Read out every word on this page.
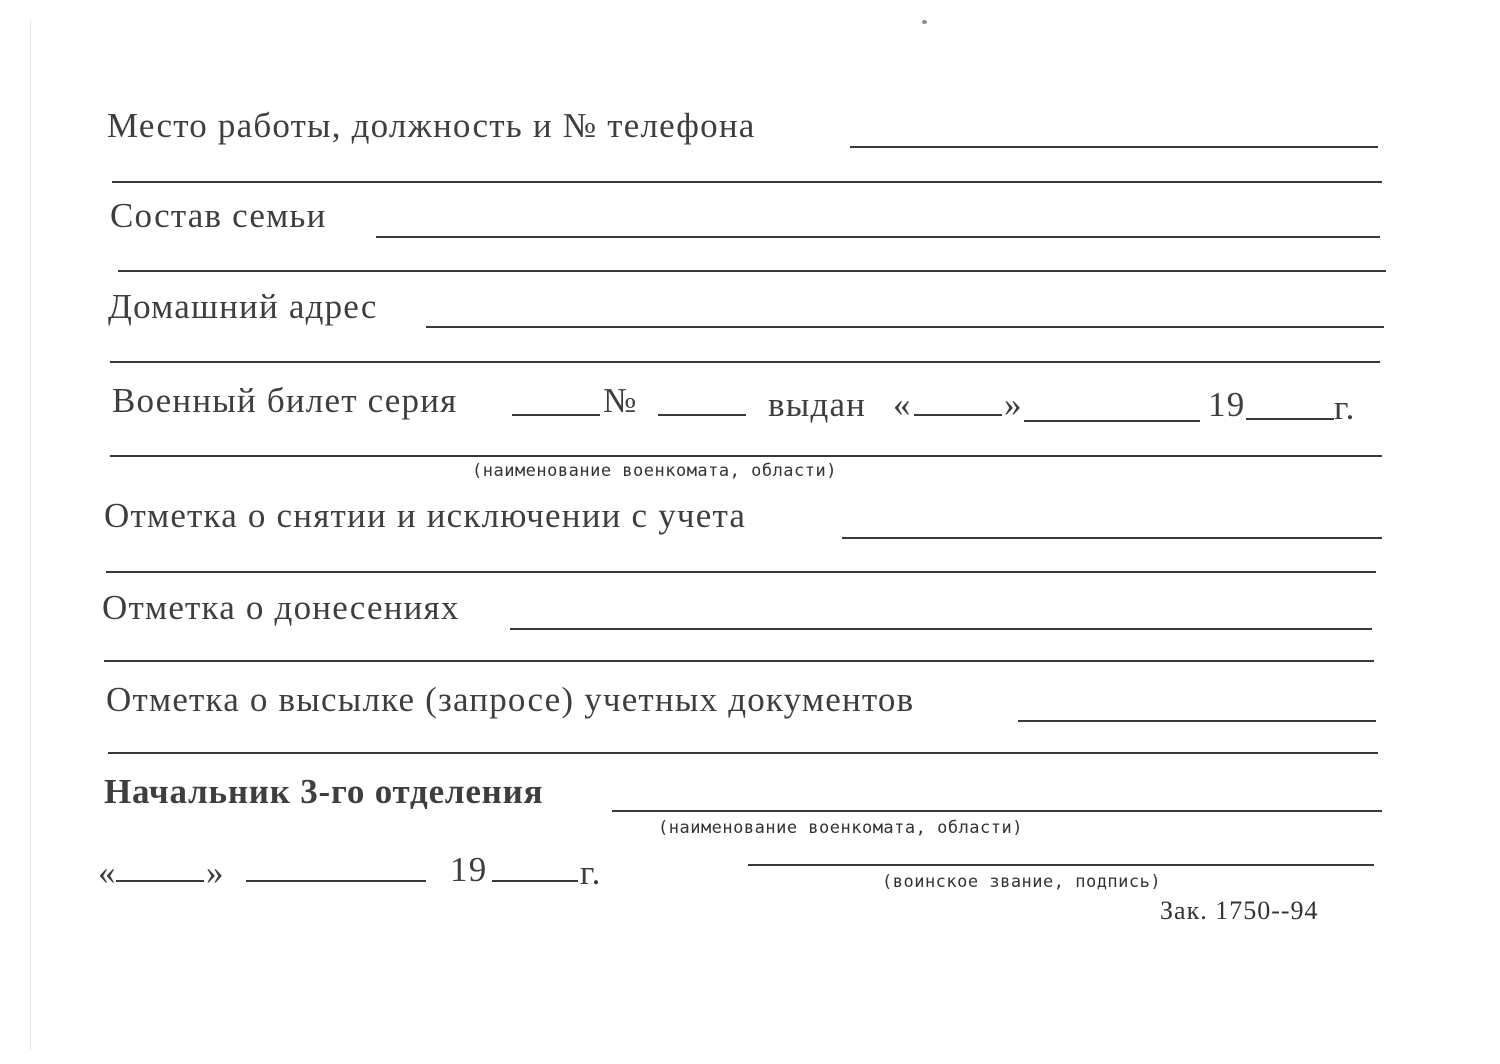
Место работы, должность и № телефона
Состав семьи
Домашний адрес
Военный билет серия	№	выдан «	»	19	г.
(наименование военкомата, области)
Отметка о снятии и исключении с учета
Отметка о донесениях
Отметка о высылке (запросе) учетных документов
Начальник 3-го отделения
(наименование военкомата, области)
«	»	19	г.	(воинское звание, подпись)
Зак. 1750--94
